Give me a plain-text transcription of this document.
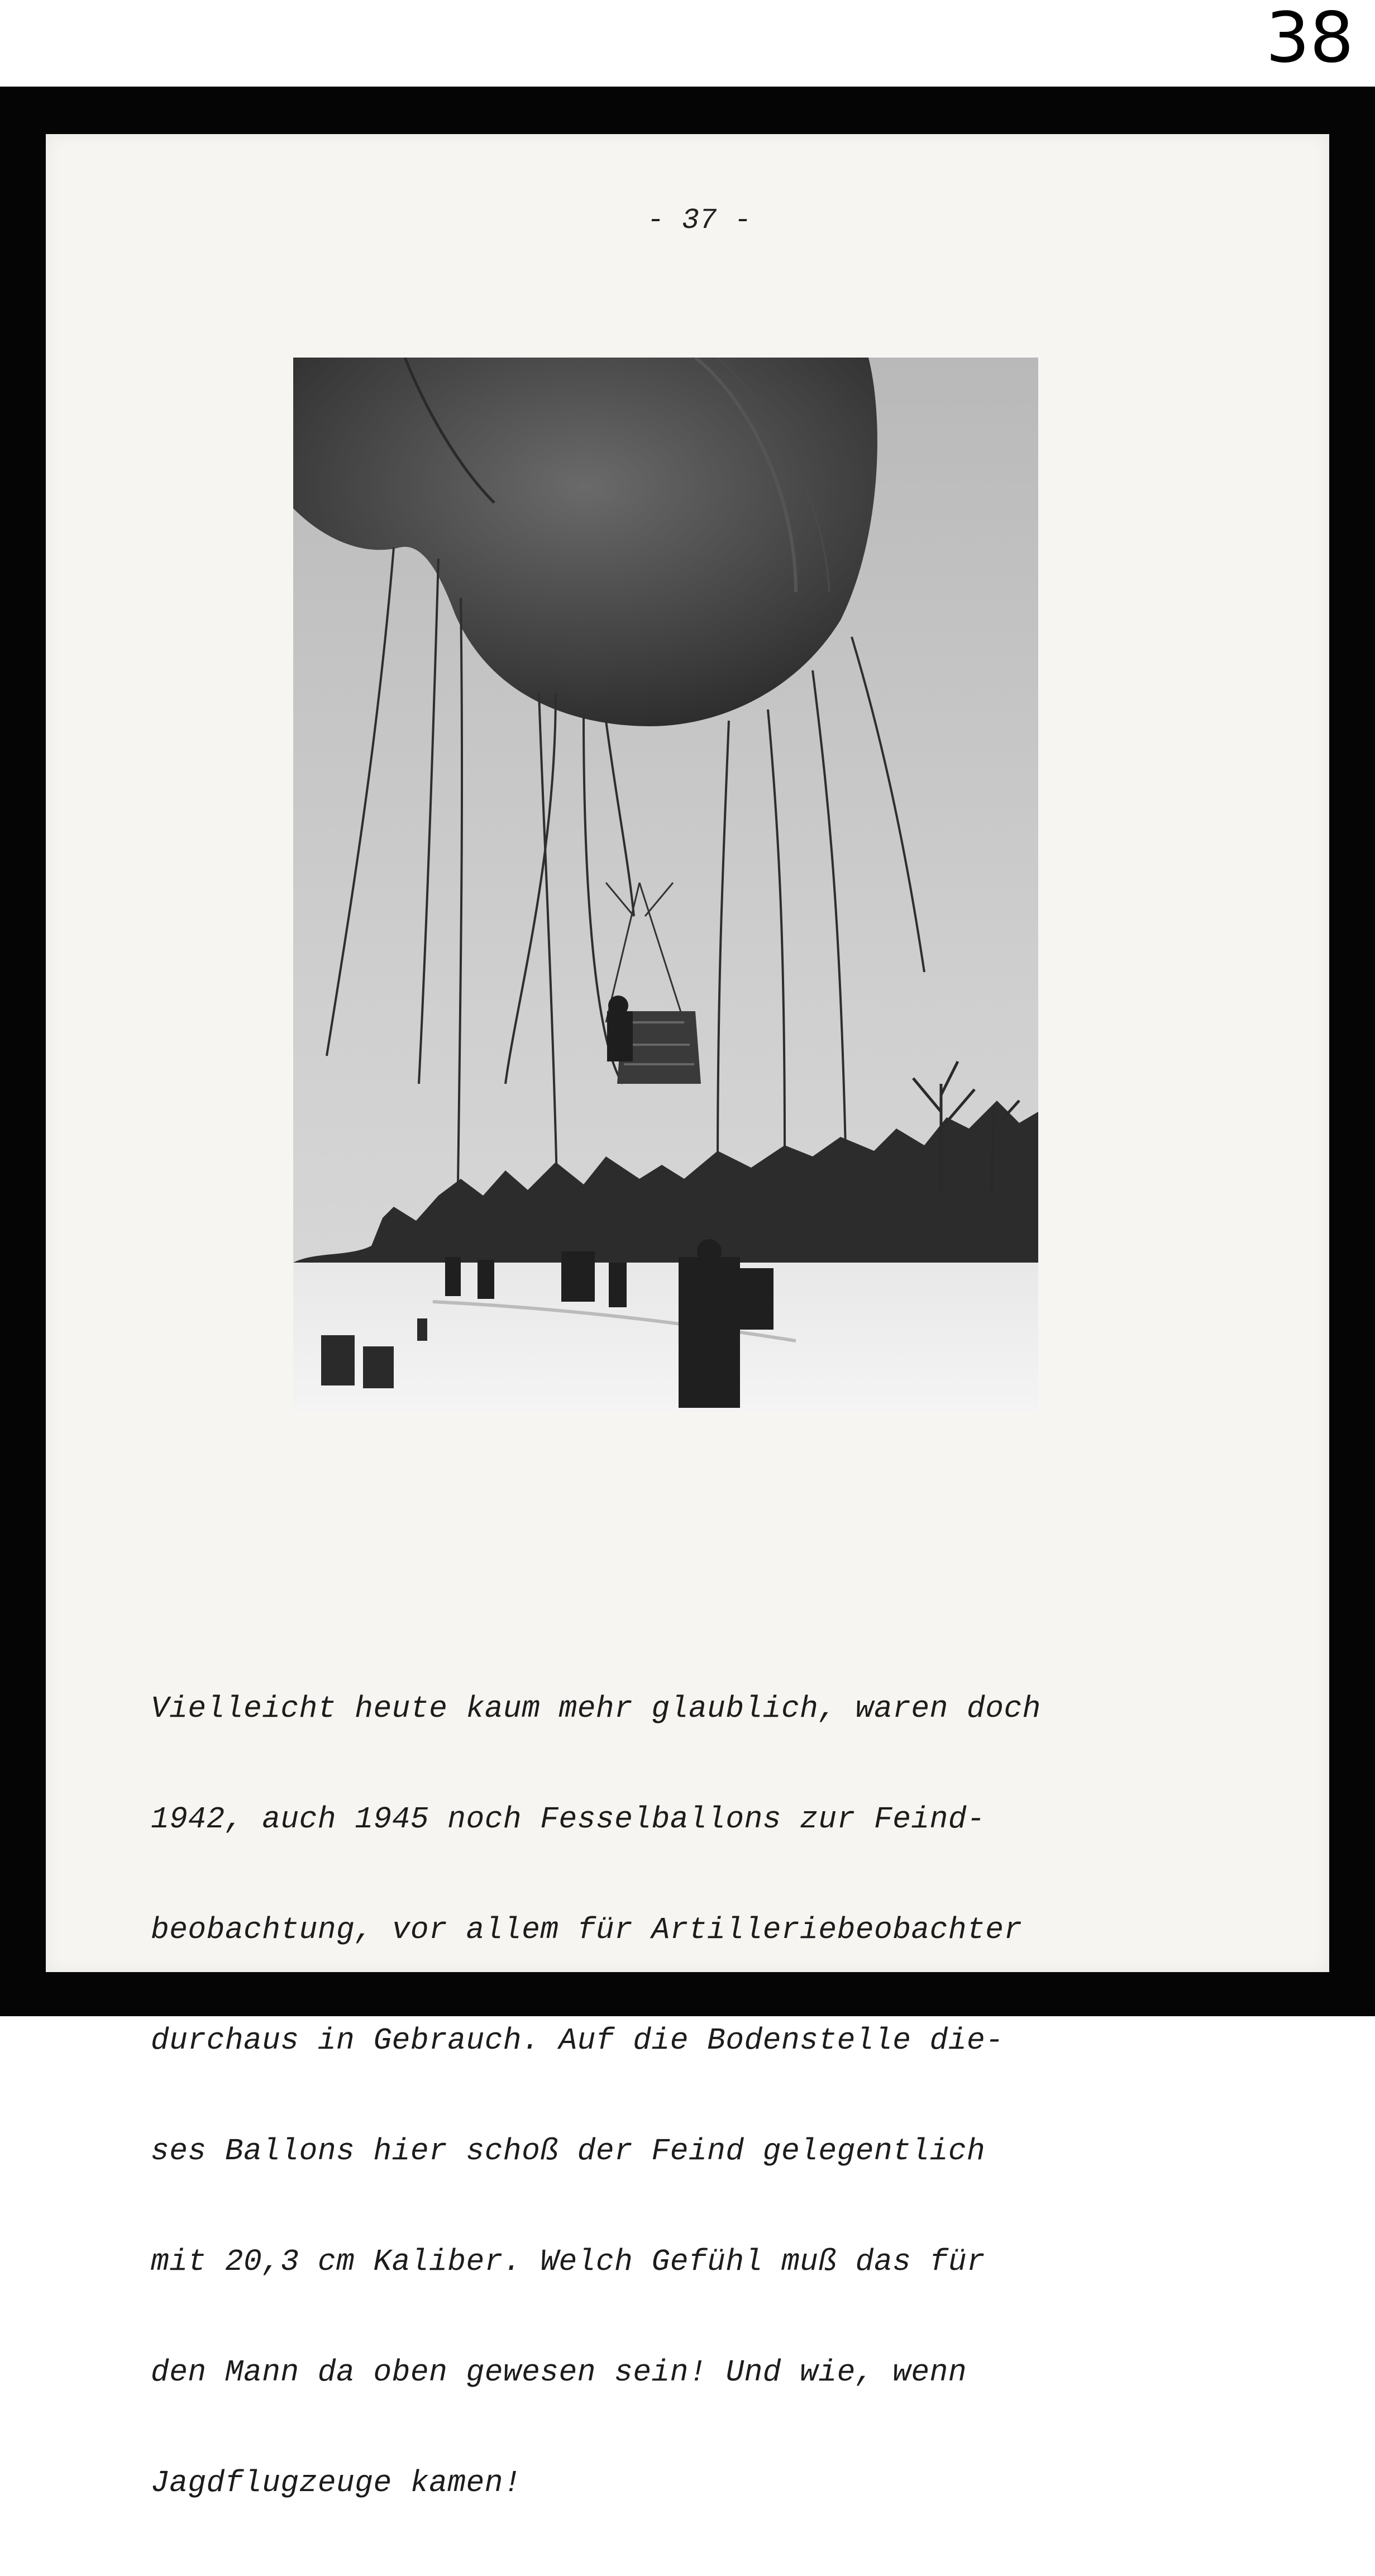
38
- 37 -

Vielleicht heute kaum mehr glaublich, waren doch

1942, auch 1945 noch Fesselballons zur Feind-

beobachtung, vor allem für Artilleriebeobachter

durchaus in Gebrauch. Auf die Bodenstelle die-

ses Ballons hier schoß der Feind gelegentlich

mit 20,3 cm Kaliber. Welch Gefühl muß das für

den Mann da oben gewesen sein! Und wie, wenn

Jagdflugzeuge kamen!
